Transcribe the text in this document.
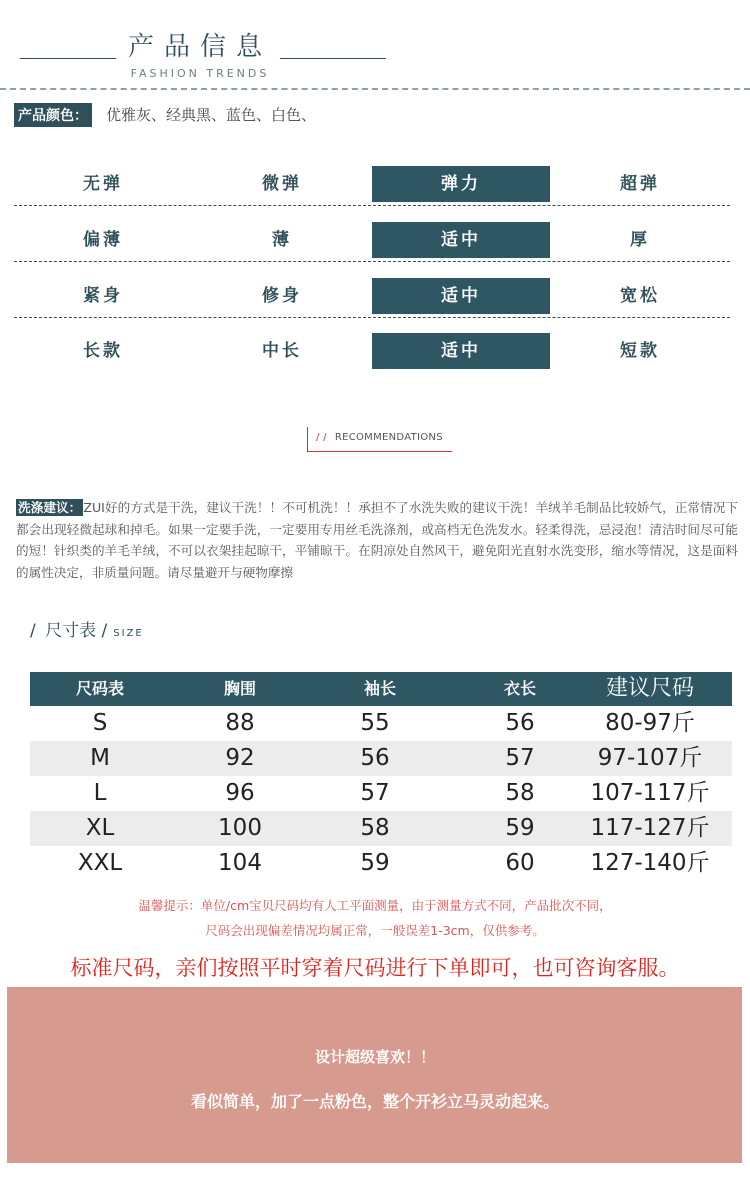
产品信息
FASHION TRENDS
产品颜色： 优雅灰、经典黑、蓝色、白色、
无弹	微弹	弹力	超弹
偏薄	薄	适中	厚
紧身	修身	适中	宽松
长款	中长	适中	短款
/ / RECOMMENDATIONS
洗涤建议： ZUI好的方式是干洗，建议干洗！！不可机洗！！承担不了水洗失败的建议干洗！羊绒羊毛制品比较娇气，正常情况下都会出现轻微起球和掉毛。如果一定要手洗，一定要用专用丝毛洗涤剂，或高档无色洗发水。轻柔得洗，忌浸泡！清洁时间尽可能的短！针织类的羊毛羊绒，不可以衣架挂起晾干，平铺晾干。在阴凉处自然风干，避免阳光直射水洗变形，缩水等情况，这是面料的属性决定，非质量问题。请尽量避开与硬物摩擦
/ 尺寸表 / SIZE
尺码表	胸围	袖长	衣长	建议尺码
S	88	55	56	80-97斤
M	92	56	57	97-107斤
L	96	57	58	107-117斤
XL	100	58	59	117-127斤
XXL	104	59	60	127-140斤
温馨提示：单位/cm宝贝尺码均有人工平面测量，由于测量方式不同，产品批次不同，
尺码会出现偏差情况均属正常，一般误差1-3cm，仅供参考。
标准尺码，亲们按照平时穿着尺码进行下单即可，也可咨询客服。
设计超级喜欢！！
看似简单，加了一点粉色，整个开衫立马灵动起来。
